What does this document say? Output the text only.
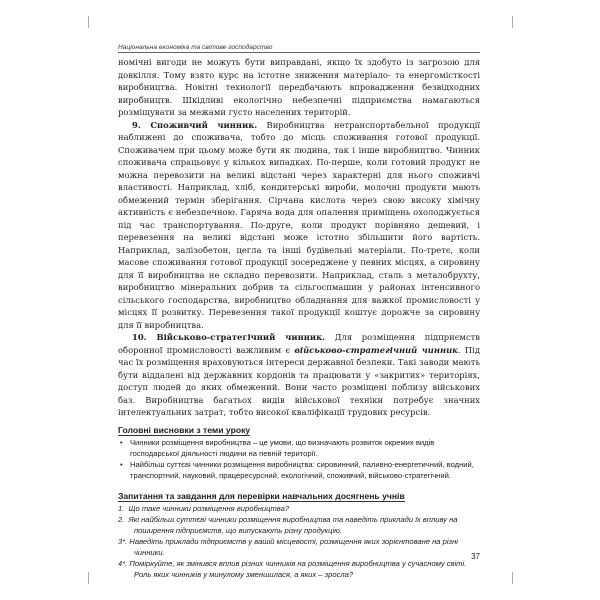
Національна економіка та світове господарство

номічні вигоди не можуть бути виправдані, якщо їх здобуто із загрозою для довкілля. Тому взято курс на істотне зниження матеріало- та енергомісткості виробництва. Новітні технології передбачають впровадження безвідходних виробництв. Шкідливі екологічно небезпечні підприємства намагаються розміщувати за межами густо населених територій.

9. Споживчий чинник. Виробництва нетранспортабельної продукції наближені до споживача, тобто до місць споживання готової продукції. Споживачем при цьому може бути як людина, так і інше виробництво. Чинник споживача спрацьовує у кількох випадках. По-перше, коли готовий продукт не можна перевозити на великі відстані через характерні для нього споживчі властивості. Наприклад, хліб, кондитерські вироби, молочні продукти мають обмежений термін зберігання. Сірчана кислота через свою високу хімічну активність є небезпечною. Гаряча вода для опалення приміщень охолоджується під час транспортування. По-друге, коли продукт порівняно дешевий, і перевезення на великі відстані може істотно збільшити його вартість. Наприклад, залізобетон, цегла та інші будівельні матеріали. По-третє, коли масове споживання готової продукції зосереджене у певних місцях, а сировину для її виробництва не складно перевозити. Наприклад, сталь з металобрухту, виробництво мінеральних добрив та сільгоспмашин у районах інтенсивного сільського господарства, виробництво обладнання для важкої промисловості у місцях її розвитку. Перевезення такої продукції коштує дорожче за сировину для її виробництва.

10. Військово-стратегічний чинник. Для розміщення підприємств оборонної промисловості важливим є військово-стратегічний чинник. Під час їх розміщення враховуються інтереси державної безпеки. Такі заводи мають бути віддалені від державних кордонів та працювати у «закритих» територіях, доступ людей до яких обмежений. Вони часто розміщені поблизу військових баз. Виробництва багатьох видів військової техніки потребує значних інтелектуальних затрат, тобто високої кваліфікації трудових ресурсів.

Головні висновки з теми уроку
• Чинники розміщення виробництва – це умови, що визначають розвиток окремих видів господарської діяльності людини на певній території.
• Найбільш суттєві чинники розміщення виробництва: сировинний, паливно-енергетичний, водний, транспортний, науковий, працересурсний, екологічний, споживчий, військово-стратегічний.
Запитання та завдання для перевірки навчальних досягнень учнів
1.  Що таке чинники розміщення виробництва?
2.  Які найбільш суттєві чинники розміщення виробництва та наведіть приклади їх впливу на поширення підприємств, що випускають різну продукцію.
3*. Наведіть приклади підприємств у вашій місцевості, розміщення яких зорієнтоване на різні чинники.
4*. Поміркуйте, як змінився вплив різних чинників на розміщення виробництва у сучасному світі. Роль яких чинників у минулому зменшилася, а яких – зросла?
37
